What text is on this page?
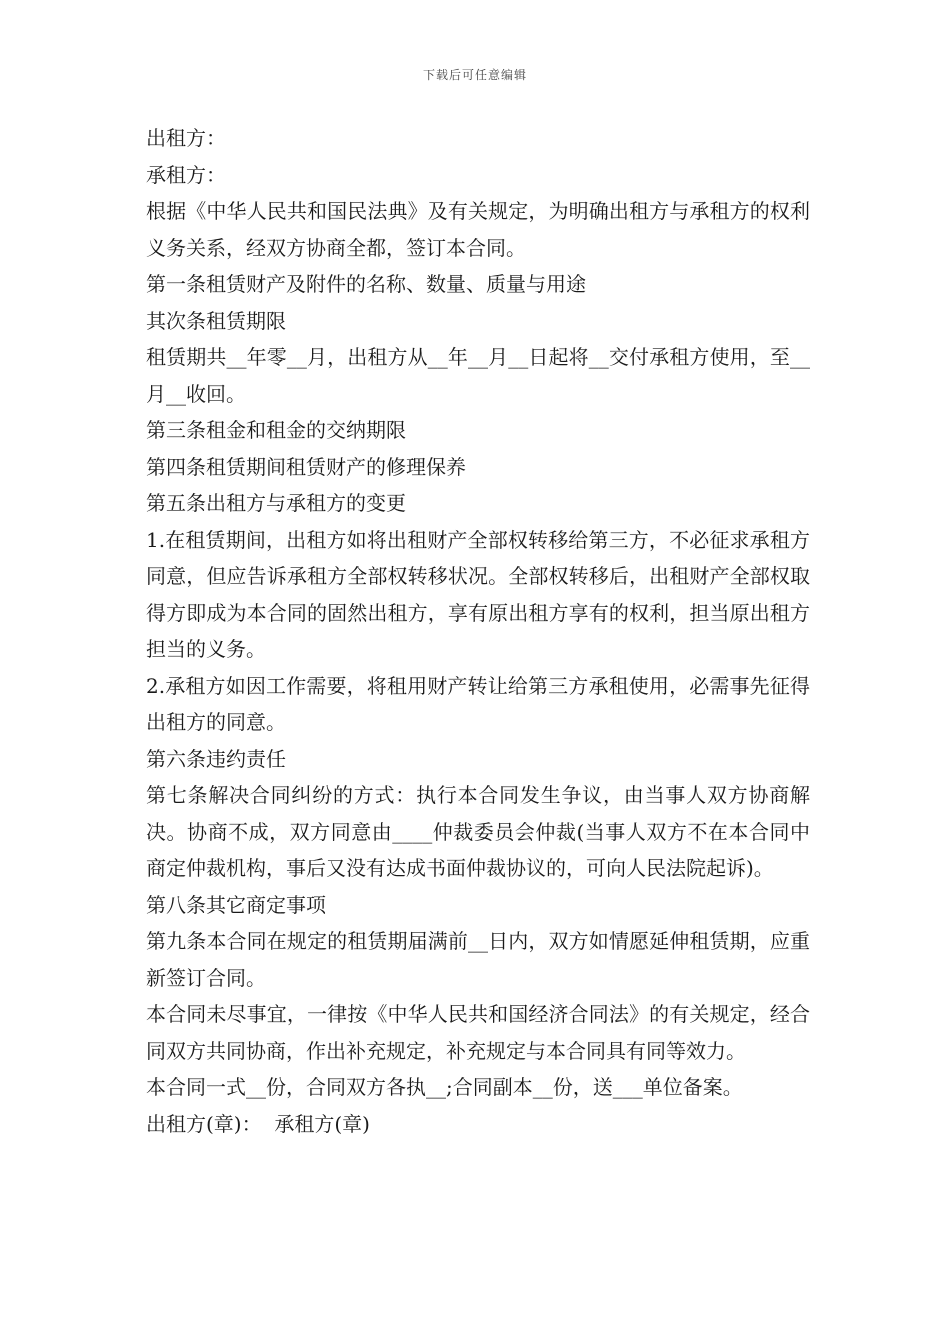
下载后可任意编辑

出租方：

承租方：

根据《中华人民共和国民法典》及有关规定，为明确出租方与承租方的权利义务关系，经双方协商全都，签订本合同。

第一条租赁财产及附件的名称、数量、质量与用途

其次条租赁期限

租赁期共__年零__月，出租方从__年__月__日起将__交付承租方使用，至__月__收回。

第三条租金和租金的交纳期限

第四条租赁期间租赁财产的修理保养

第五条出租方与承租方的变更

1.在租赁期间，出租方如将出租财产全部权转移给第三方，不必征求承租方同意，但应告诉承租方全部权转移状况。全部权转移后，出租财产全部权取得方即成为本合同的固然出租方，享有原出租方享有的权利，担当原出租方担当的义务。

2.承租方如因工作需要，将租用财产转让给第三方承租使用，必需事先征得出租方的同意。

第六条违约责任

第七条解决合同纠纷的方式：执行本合同发生争议，由当事人双方协商解决。协商不成，双方同意由____仲裁委员会仲裁(当事人双方不在本合同中商定仲裁机构，事后又没有达成书面仲裁协议的，可向人民法院起诉)。

第八条其它商定事项

第九条本合同在规定的租赁期届满前__日内，双方如情愿延伸租赁期，应重新签订合同。

本合同未尽事宜，一律按《中华人民共和国经济合同法》的有关规定，经合同双方共同协商，作出补充规定，补充规定与本合同具有同等效力。

本合同一式__份，合同双方各执__;合同副本__份，送___单位备案。

出租方(章)：  承租方(章)
